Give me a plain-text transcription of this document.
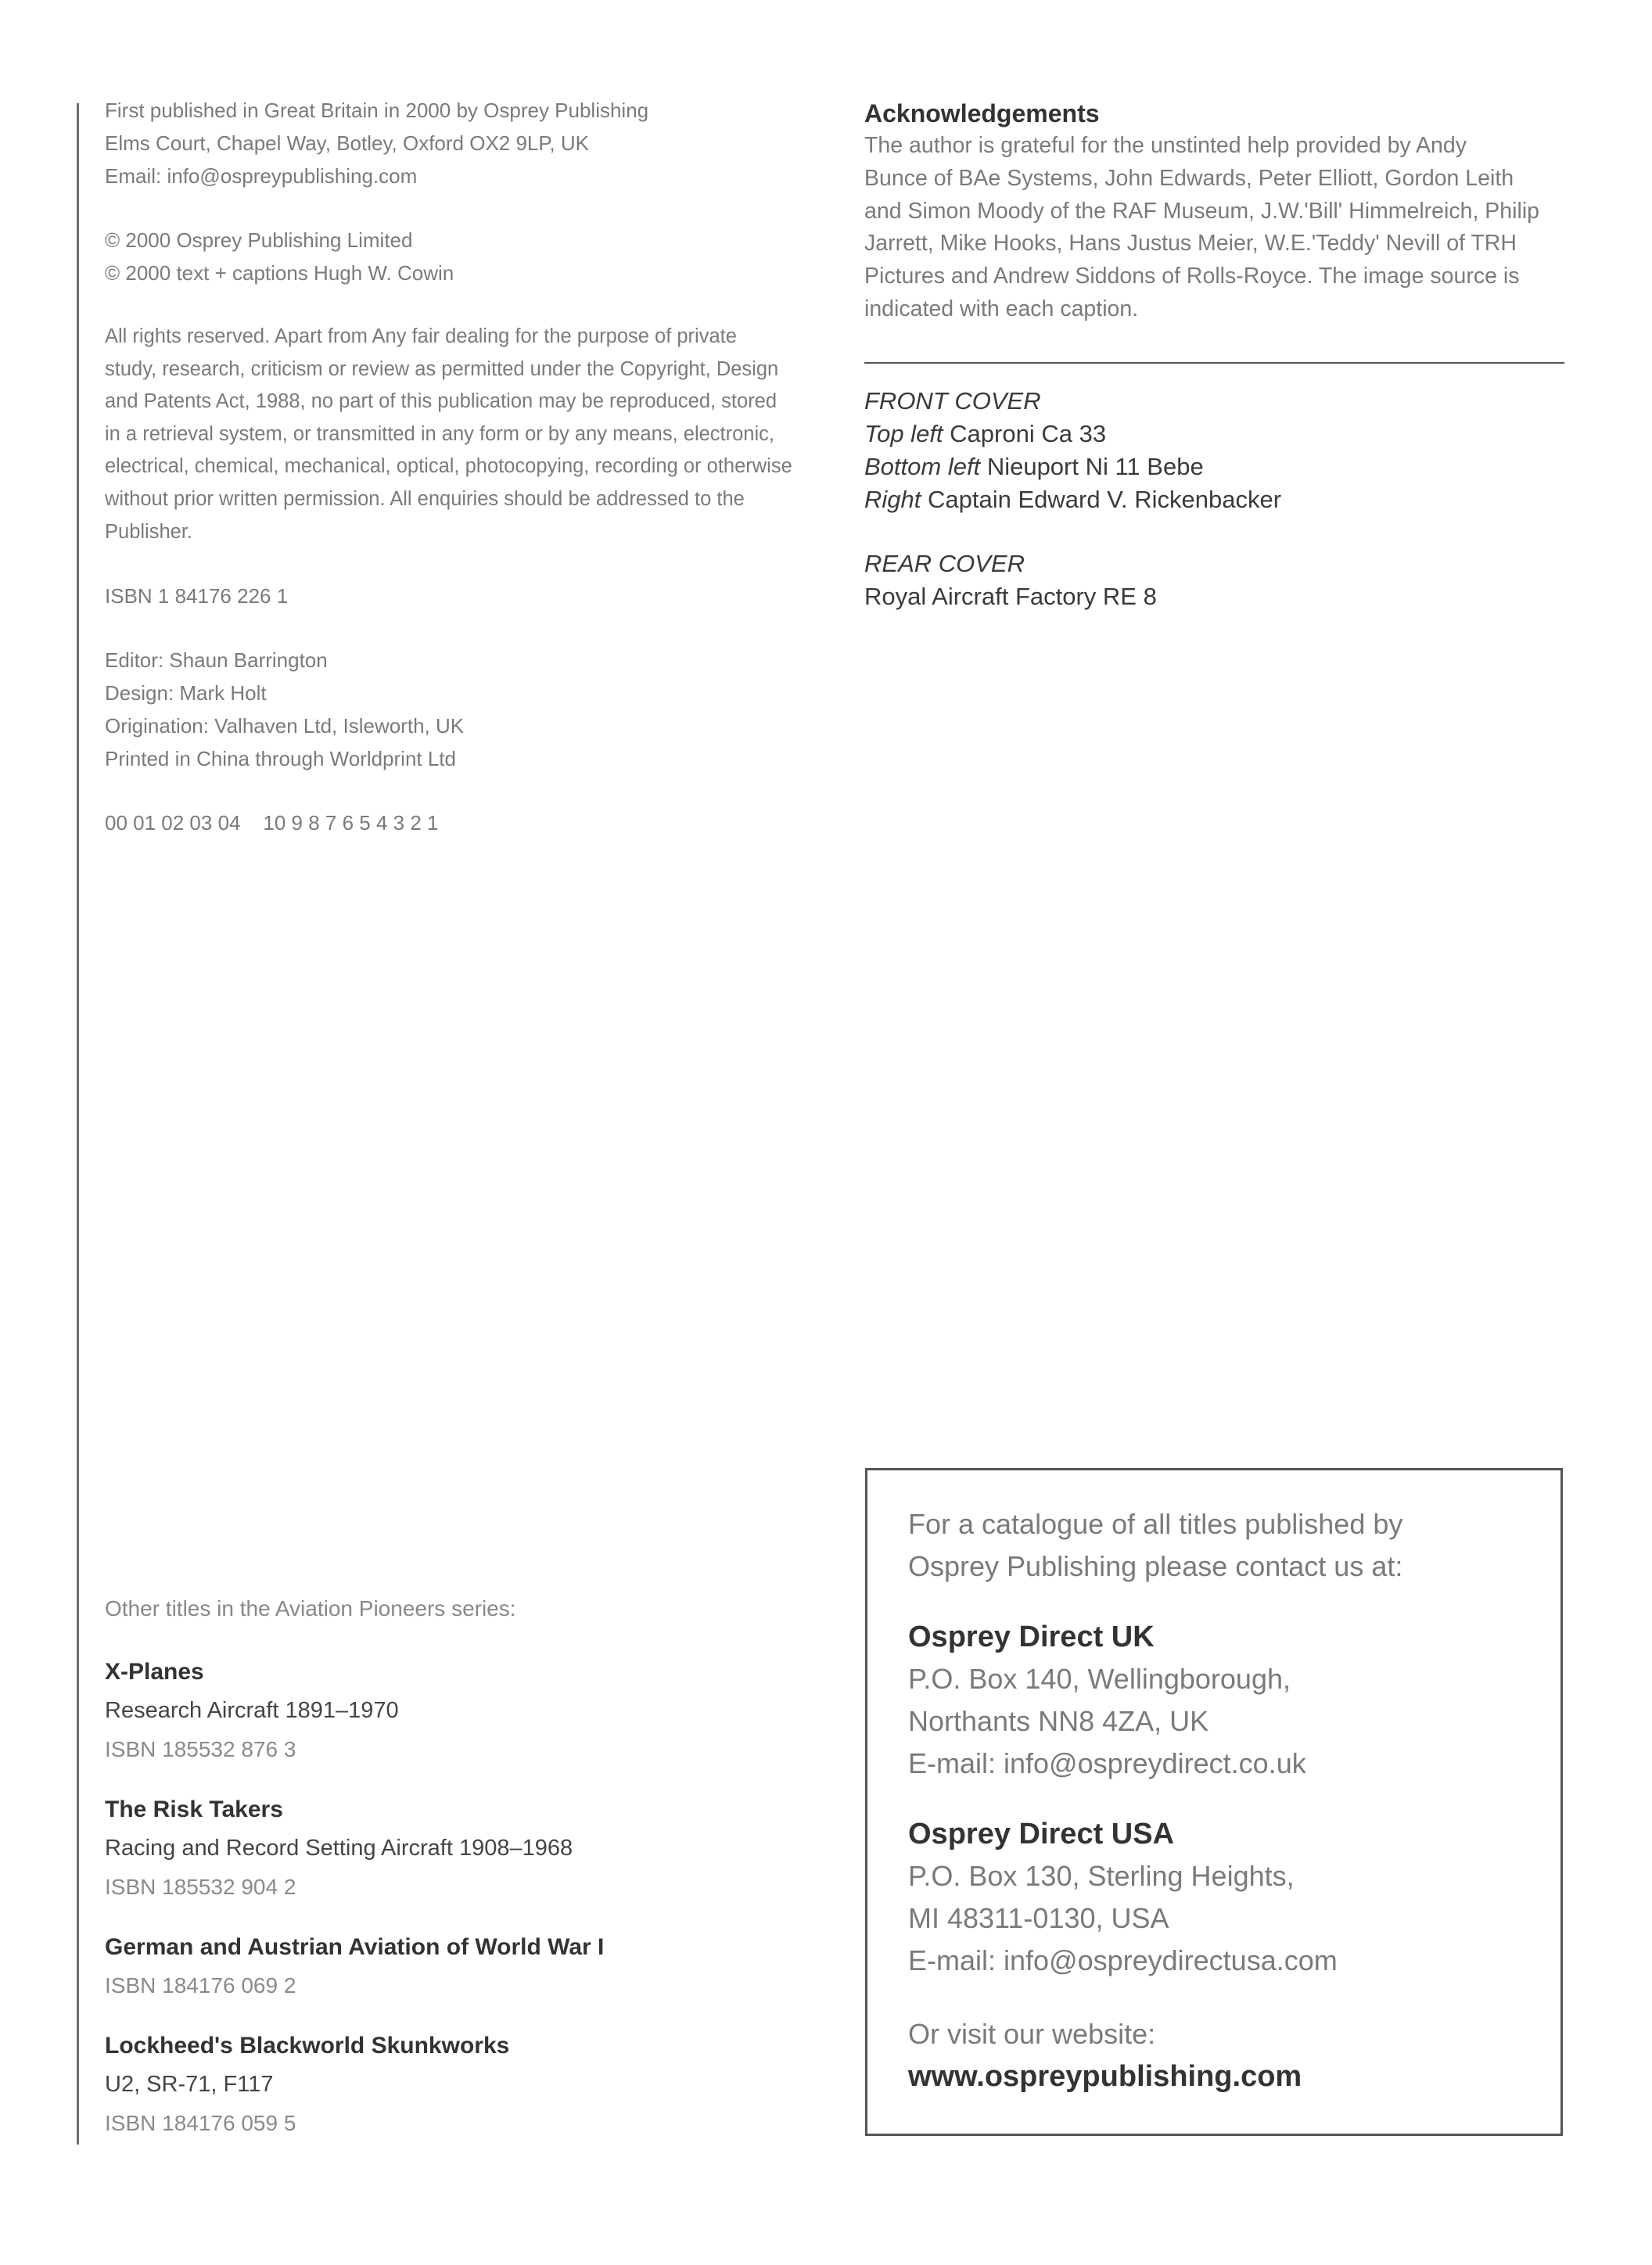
First published in Great Britain in 2000 by Osprey Publishing

Elms Court, Chapel Way, Botley, Oxford OX2 9LP, UK

Email: info@ospreypublishing.com

© 2000 Osprey Publishing Limited

© 2000 text + captions Hugh W. Cowin

All rights reserved. Apart from Any fair dealing for the purpose of private

study, research, criticism or review as permitted under the Copyright, Design

and Patents Act, 1988, no part of this publication may be reproduced, stored

in a retrieval system, or transmitted in any form or by any means, electronic,

electrical, chemical, mechanical, optical, photocopying, recording or otherwise

without prior written permission. All enquiries should be addressed to the

Publisher.

ISBN 1 84176 226 1

Editor: Shaun Barrington

Design: Mark Holt

Origination: Valhaven Ltd, Isleworth, UK

Printed in China through Worldprint Ltd

00 01 02 03 04    10 9 8 7 6 5 4 3 2 1

Acknowledgements

The author is grateful for the unstinted help provided by Andy

Bunce of BAe Systems, John Edwards, Peter Elliott, Gordon Leith

and Simon Moody of the RAF Museum, J.W.'Bill' Himmelreich, Philip

Jarrett, Mike Hooks, Hans Justus Meier, W.E.'Teddy' Nevill of TRH

Pictures and Andrew Siddons of Rolls-Royce. The image source is

indicated with each caption.

FRONT COVER

Top left Caproni Ca 33

Bottom left Nieuport Ni 11 Bebe

Right Captain Edward V. Rickenbacker

REAR COVER

Royal Aircraft Factory RE 8

Other titles in the Aviation Pioneers series:

X-Planes

Research Aircraft 1891–1970

ISBN 185532 876 3

The Risk Takers

Racing and Record Setting Aircraft 1908–1968

ISBN 185532 904 2

German and Austrian Aviation of World War I

ISBN 184176 069 2

Lockheed's Blackworld Skunkworks

U2, SR-71, F117

ISBN 184176 059 5

For a catalogue of all titles published by

Osprey Publishing please contact us at:

Osprey Direct UK

P.O. Box 140, Wellingborough,

Northants NN8 4ZA, UK

E-mail: info@ospreydirect.co.uk

Osprey Direct USA

P.O. Box 130, Sterling Heights,

MI 48311-0130, USA

E-mail: info@ospreydirectusa.com

Or visit our website:

www.ospreypublishing.com
